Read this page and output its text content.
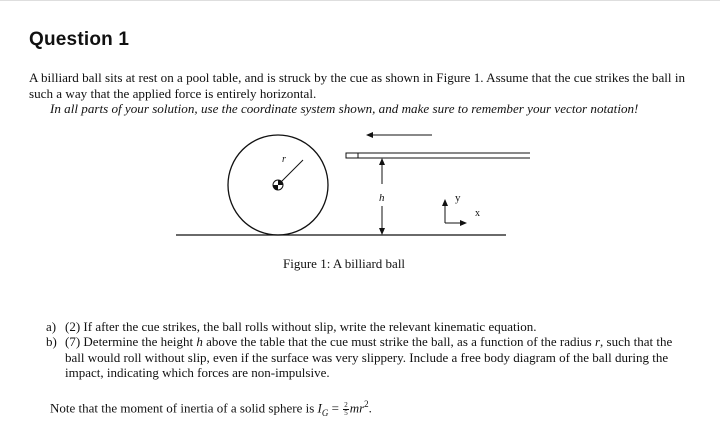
Question 1

A billiard ball sits at rest on a pool table, and is struck by the cue as shown in Figure 1. Assume that the cue strikes the ball in such a way that the applied force is entirely horizontal.

In all parts of your solution, use the coordinate system shown, and make sure to remember your vector notation!

r
h	y
x
Figure 1: A billiard ball
a) (2) If after the cue strikes, the ball rolls without slip, write the relevant kinematic equation.
b) (7) Determine the height h above the table that the cue must strike the ball, as a function of the radius r, such that the ball would roll without slip, even if the surface was very slippery. Include a free body diagram of the ball during the impact, indicating which forces are non-impulsive.
Note that the moment of inertia of a solid sphere is $I_G = \frac{2}{5} mr^2$.
